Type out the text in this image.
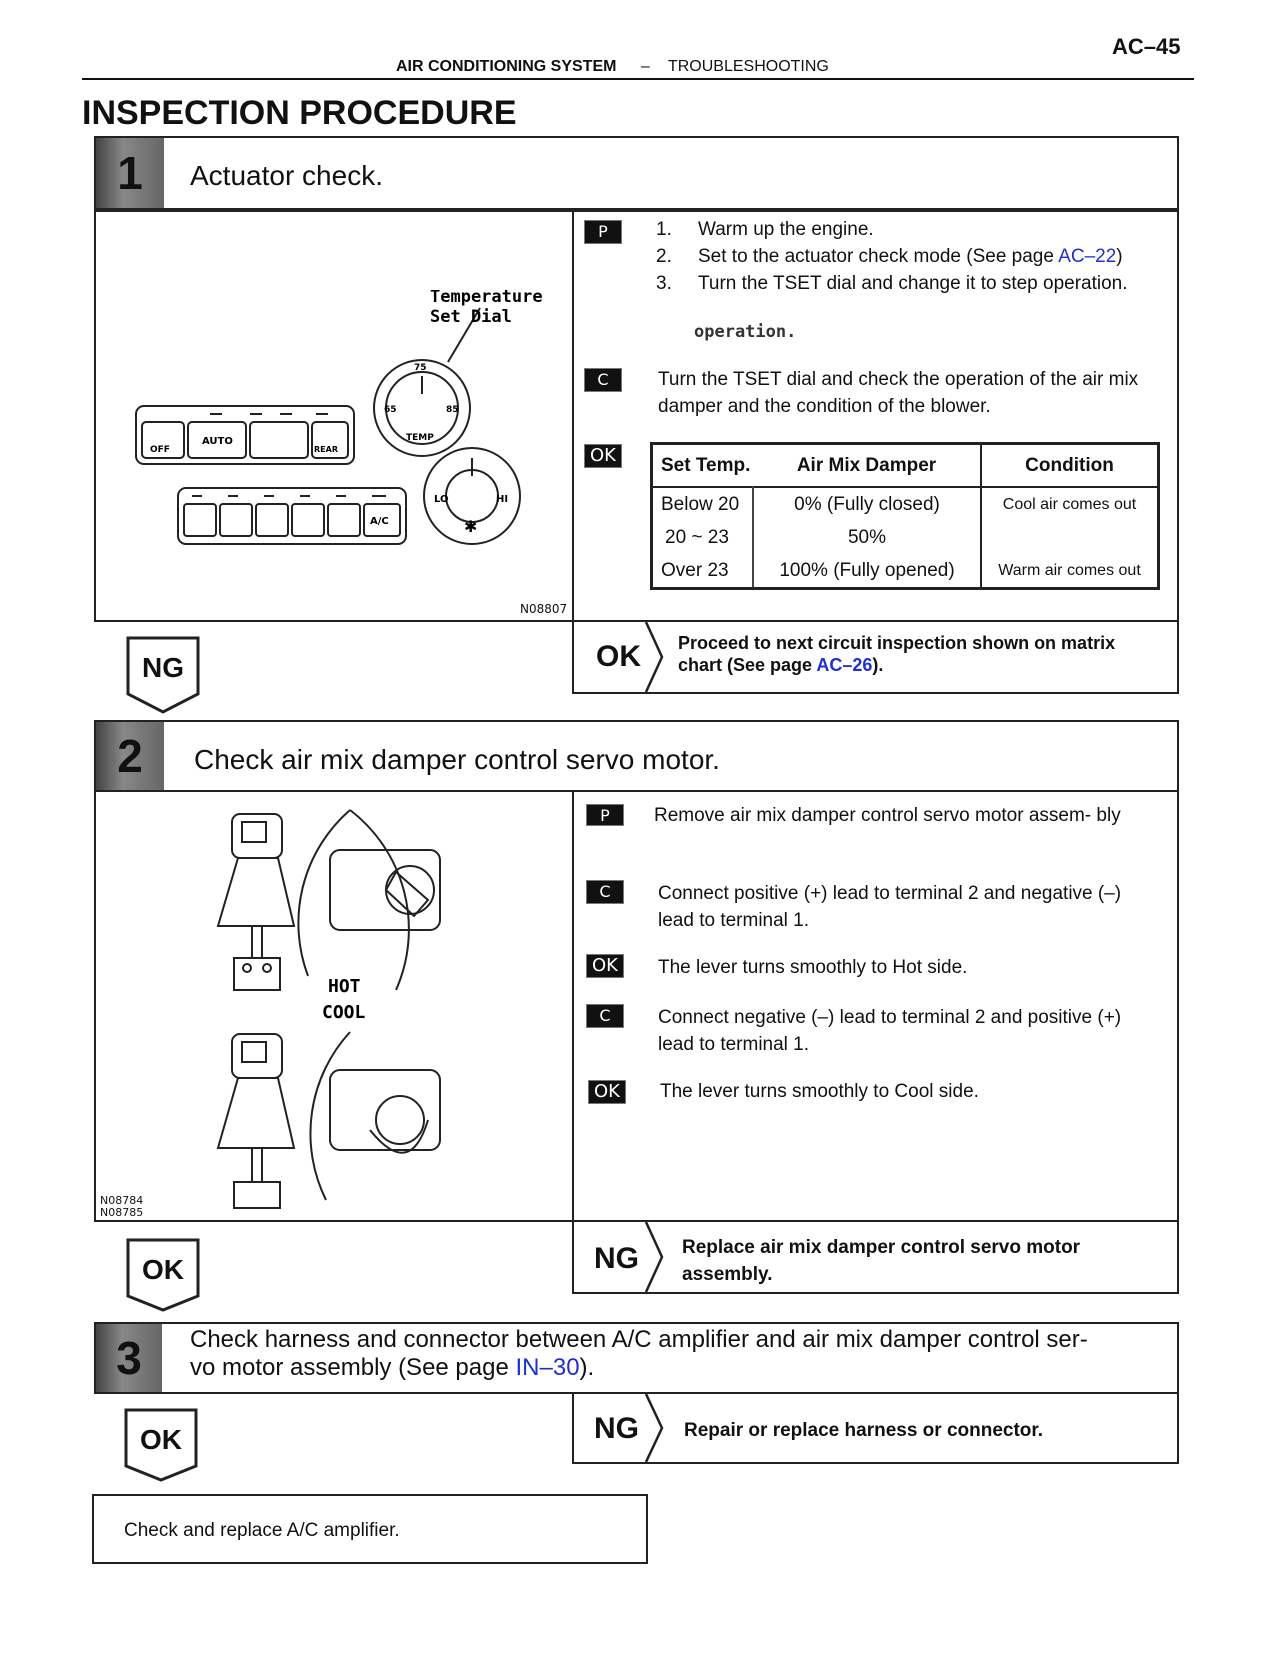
AC–45
AIR CONDITIONING SYSTEM – TROUBLESHOOTING
INSPECTION PROCEDURE
1	Actuator check.
Temperature
Set Dial
OFF
AUTO
REAR
75
65	85
TEMP
LO	HI
A/C	✱
N08807
P	1. Warm up the engine.
2. Set to the actuator check mode (See page AC–22)
3. Turn the TSET dial and change it to step operation.
operation.
C	Turn the TSET dial and check the operation of the air mix damper and the condition of the blower.
OK	Set Temp.	Air Mix Damper	Condition
Below 20	0% (Fully closed)	Cool air comes out
20 ~ 23	50%	
Over 23	100% (Fully opened)	Warm air comes out
NG	OK Proceed to next circuit inspection shown on matrix chart (See page AC–26).
2	Check air mix damper control servo motor.
HOT
COOL
N08784
N08785
P	Remove air mix damper control servo motor assem- bly
C	Connect positive (+) lead to terminal 2 and negative (–) lead to terminal 1.
OK	The lever turns smoothly to Hot side.
C	Connect negative (–) lead to terminal 2 and positive (+) lead to terminal 1.
OK	The lever turns smoothly to Cool side.
OK	NG Replace air mix damper control servo motor assembly.
3	Check harness and connector between A/C amplifier and air mix damper control ser-
vo motor assembly (See page IN–30).
OK	NG Repair or replace harness or connector.
Check and replace A/C amplifier.
